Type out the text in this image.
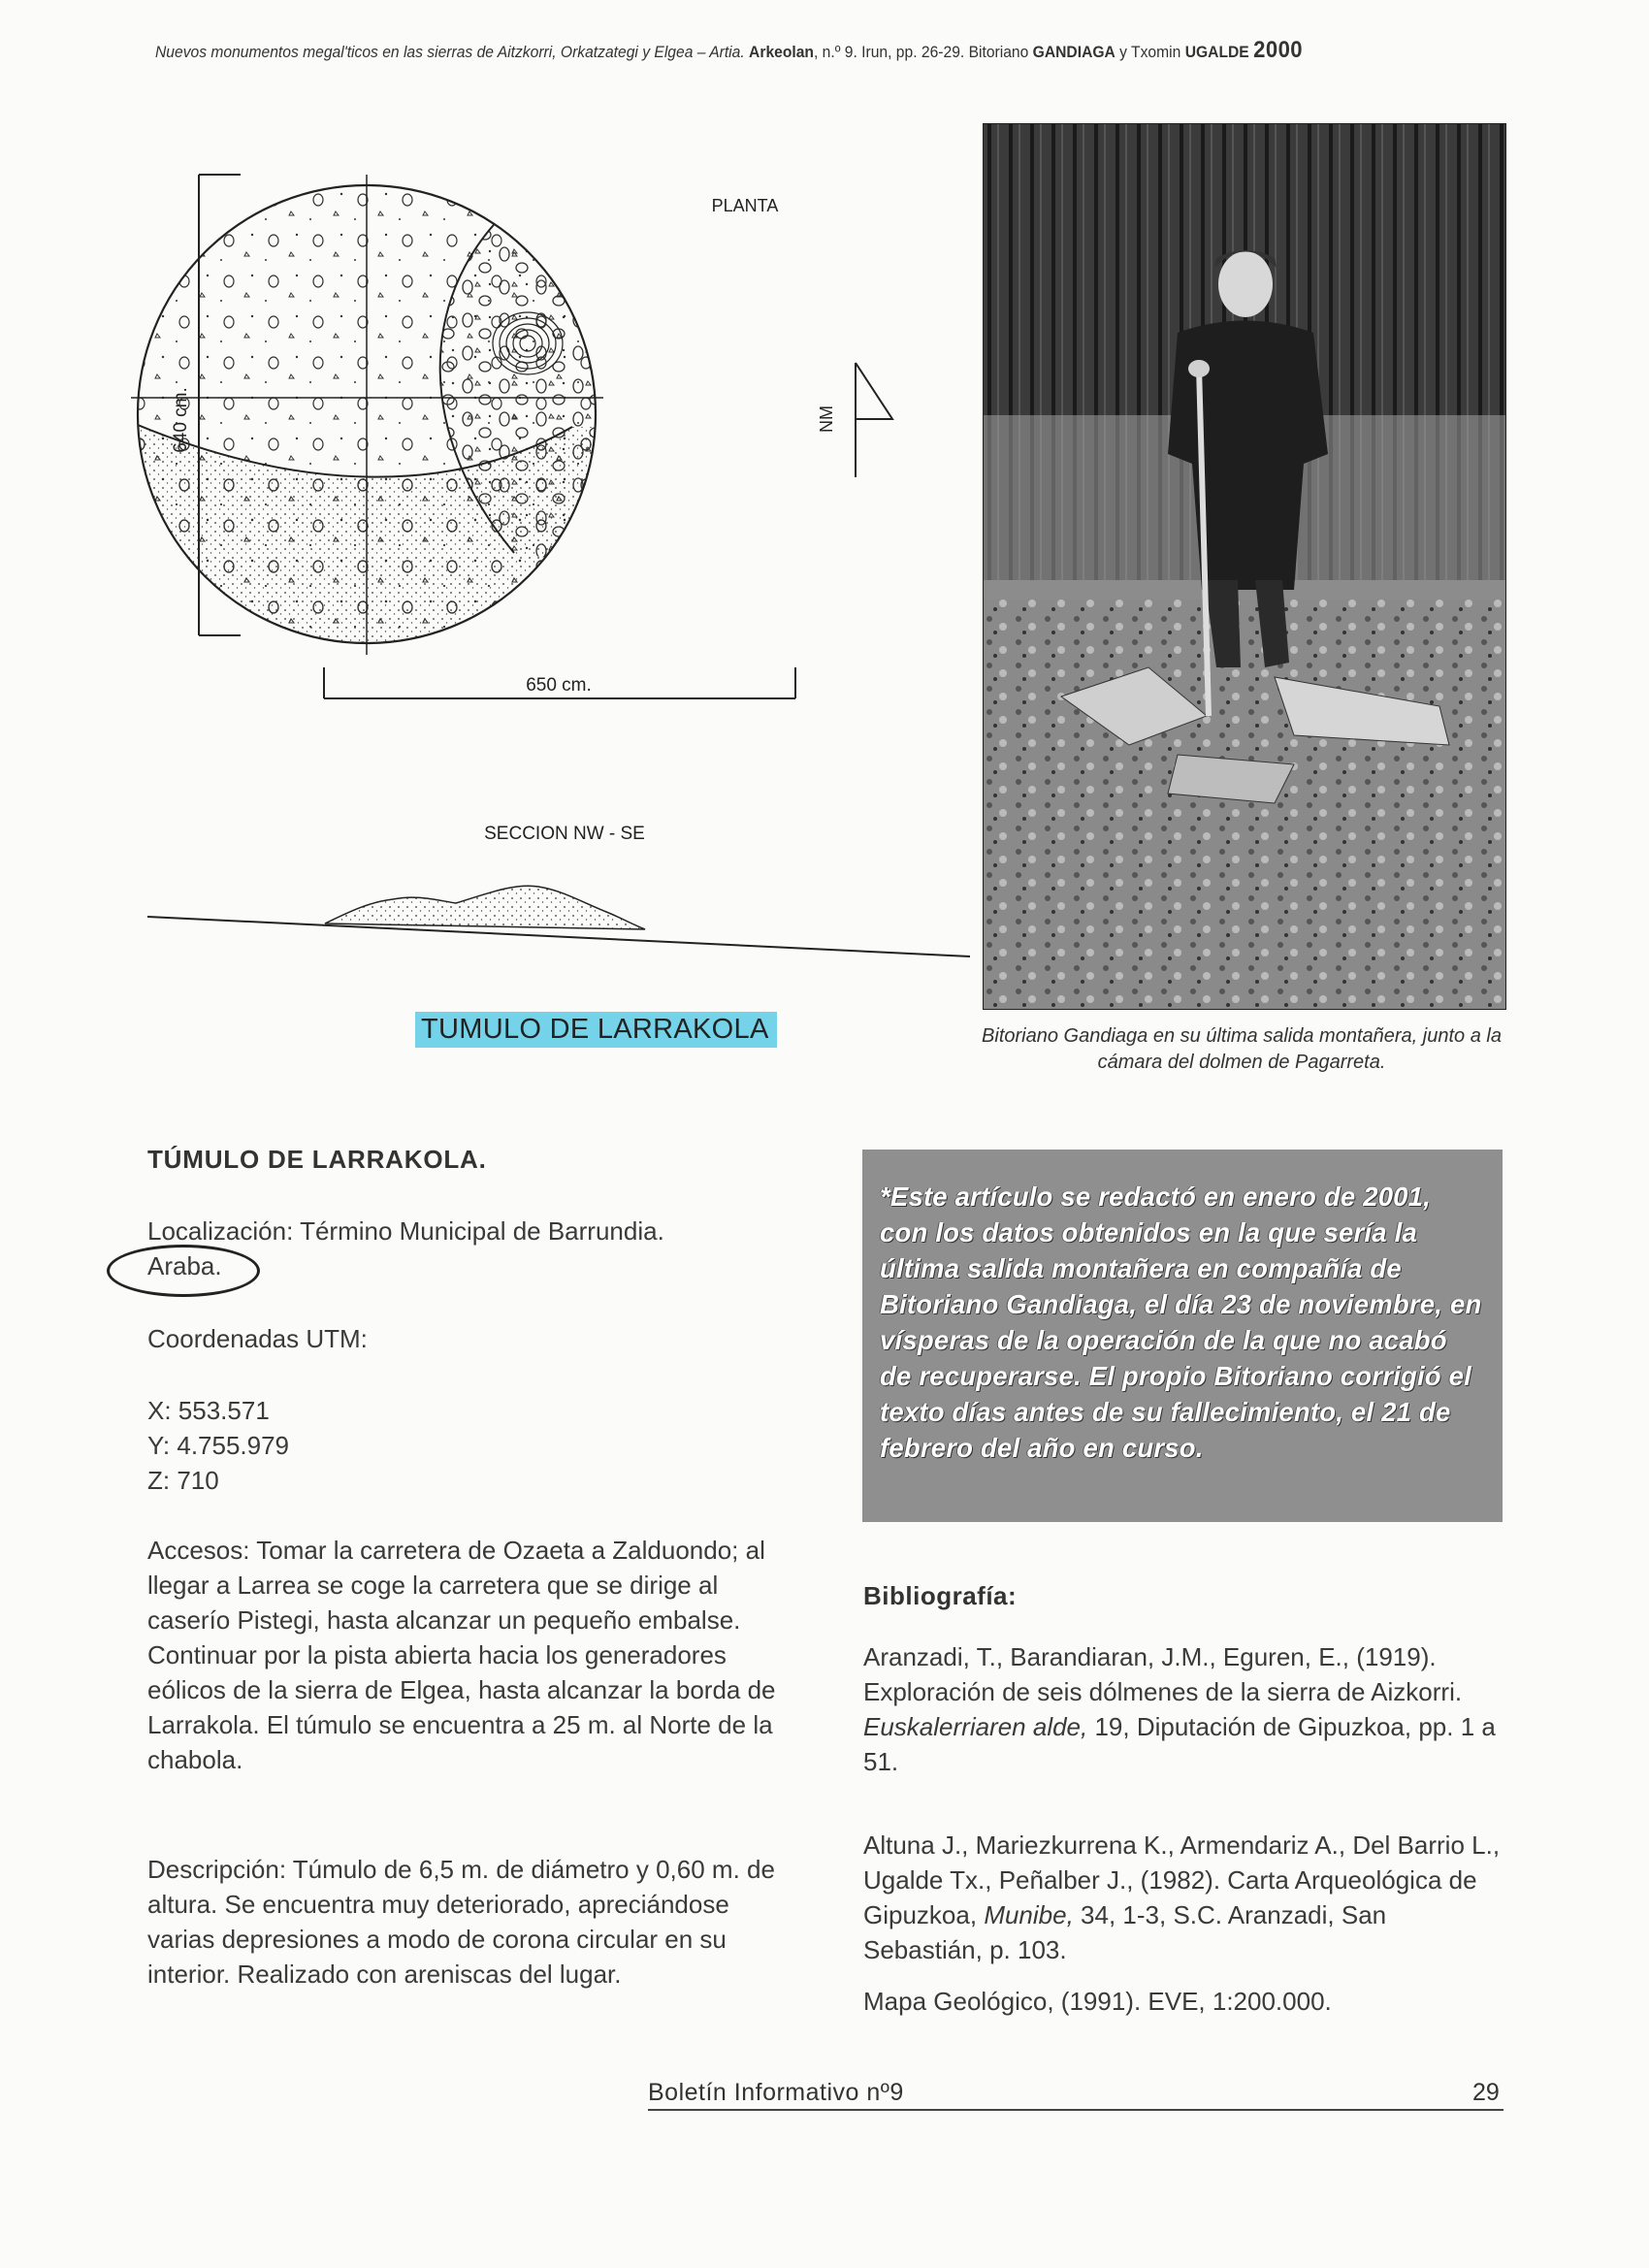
Nuevos monumentos megal'ticos en las sierras de Aitzkorri, Orkatzategi y Elgea – Artia. Arkeolan, n.º 9. Irun, pp. 26-29. Bitoriano GANDIAGA y Txomin UGALDE 2000
650 cm.
PLANTA
NM
SECCION NW - SE
Bitoriano Gandiaga en su última salida montañera, junto a la cámara del dolmen de Pagarreta.
TUMULO DE LARRAKOLA
TÚMULO DE LARRAKOLA.
Localización: Término Municipal de Barrundia.
Araba.
Coordenadas UTM:
X: 553.571
Y: 4.755.979
Z: 710
Accesos: Tomar la carretera de Ozaeta a Zalduondo; al llegar a Larrea se coge la carretera que se dirige al caserío Pistegi, hasta alcanzar un pequeño embalse. Continuar por la pista abierta hacia los generadores eólicos de la sierra de Elgea, hasta alcanzar la borda de Larrakola. El túmulo se encuentra a 25 m. al Norte de la chabola.
Descripción: Túmulo de 6,5 m. de diámetro y 0,60 m. de altura. Se encuentra muy deteriorado, apreciándose varias depresiones a modo de corona circular en su interior. Realizado con areniscas del lugar.
*Este artículo se redactó en enero de 2001, con los datos obtenidos en la que sería la última salida montañera en compañía de Bitoriano Gandiaga, el día 23 de noviembre, en vísperas de la operación de la que no acabó de recuperarse. El propio Bitoriano corrigió el texto días antes de su fallecimiento, el 21 de febrero del año en curso.
Bibliografía:
Aranzadi, T., Barandiaran, J.M., Eguren, E., (1919). Exploración de seis dólmenes de la sierra de Aizkorri. Euskalerriaren alde, 19, Diputación de Gipuzkoa, pp. 1 a 51.
Altuna J., Mariezkurrena K., Armendariz A., Del Barrio L., Ugalde Tx., Peñalber J., (1982). Carta Arqueológica de Gipuzkoa, Munibe, 34, 1-3, S.C. Aranzadi, San Sebastián, p. 103.
Mapa Geológico, (1991). EVE, 1:200.000.
Boletín Informativo nº9	29
